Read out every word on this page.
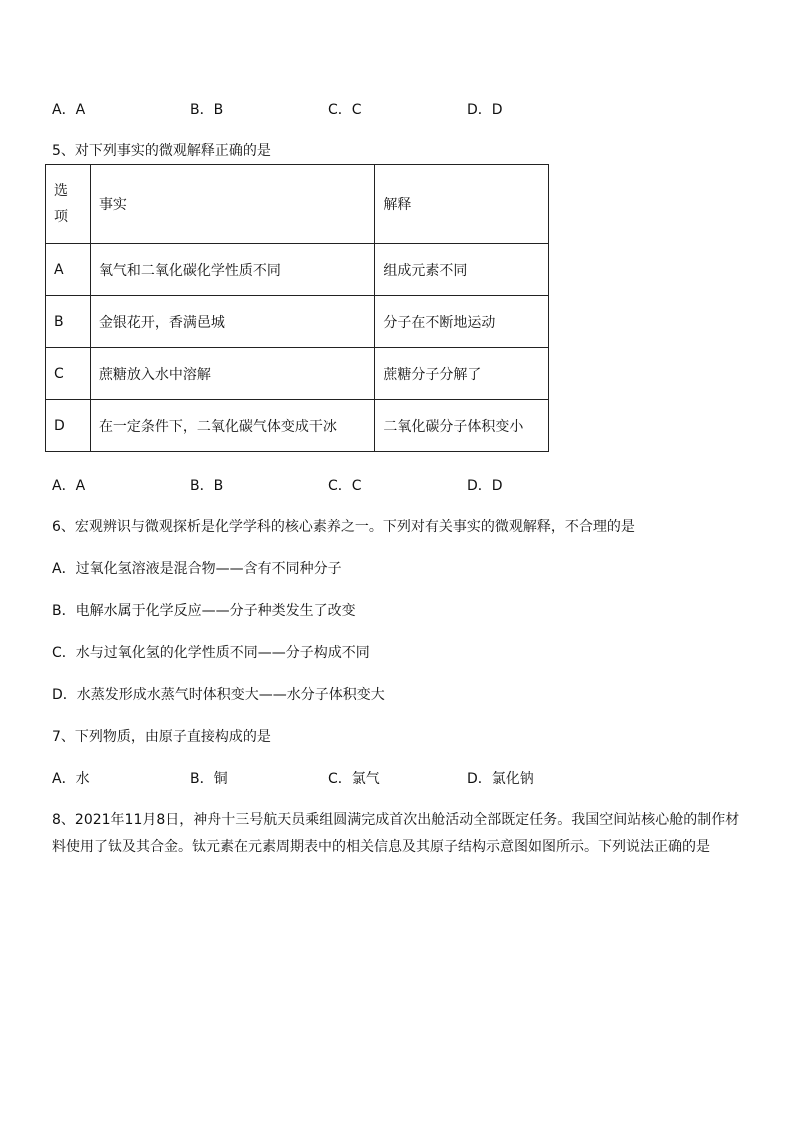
A．A	B．B	C．C	D．D
5、对下列事实的微观解释正确的是
选
项	事实	解释
A	氧气和二氧化碳化学性质不同	组成元素不同
B	金银花开，香满邑城	分子在不断地运动
C	蔗糖放入水中溶解	蔗糖分子分解了
D	在一定条件下，二氧化碳气体变成干冰	二氧化碳分子体积变小
A．A	B．B	C．C	D．D
6、宏观辨识与微观探析是化学学科的核心素养之一。下列对有关事实的微观解释，不合理的是
A．过氧化氢溶液是混合物——含有不同种分子
B．电解水属于化学反应——分子种类发生了改变
C．水与过氧化氢的化学性质不同——分子构成不同
D．水蒸发形成水蒸气时体积变大——水分子体积变大
7、下列物质，由原子直接构成的是
A．水	B．铜	C．氯气	D．氯化钠
8、2021年11月8日，神舟十三号航天员乘组圆满完成首次出舱活动全部既定任务。我国空间站核心舱的制作材料使用了钛及其合金。钛元素在元素周期表中的相关信息及其原子结构示意图如图所示。下列说法正确的是
